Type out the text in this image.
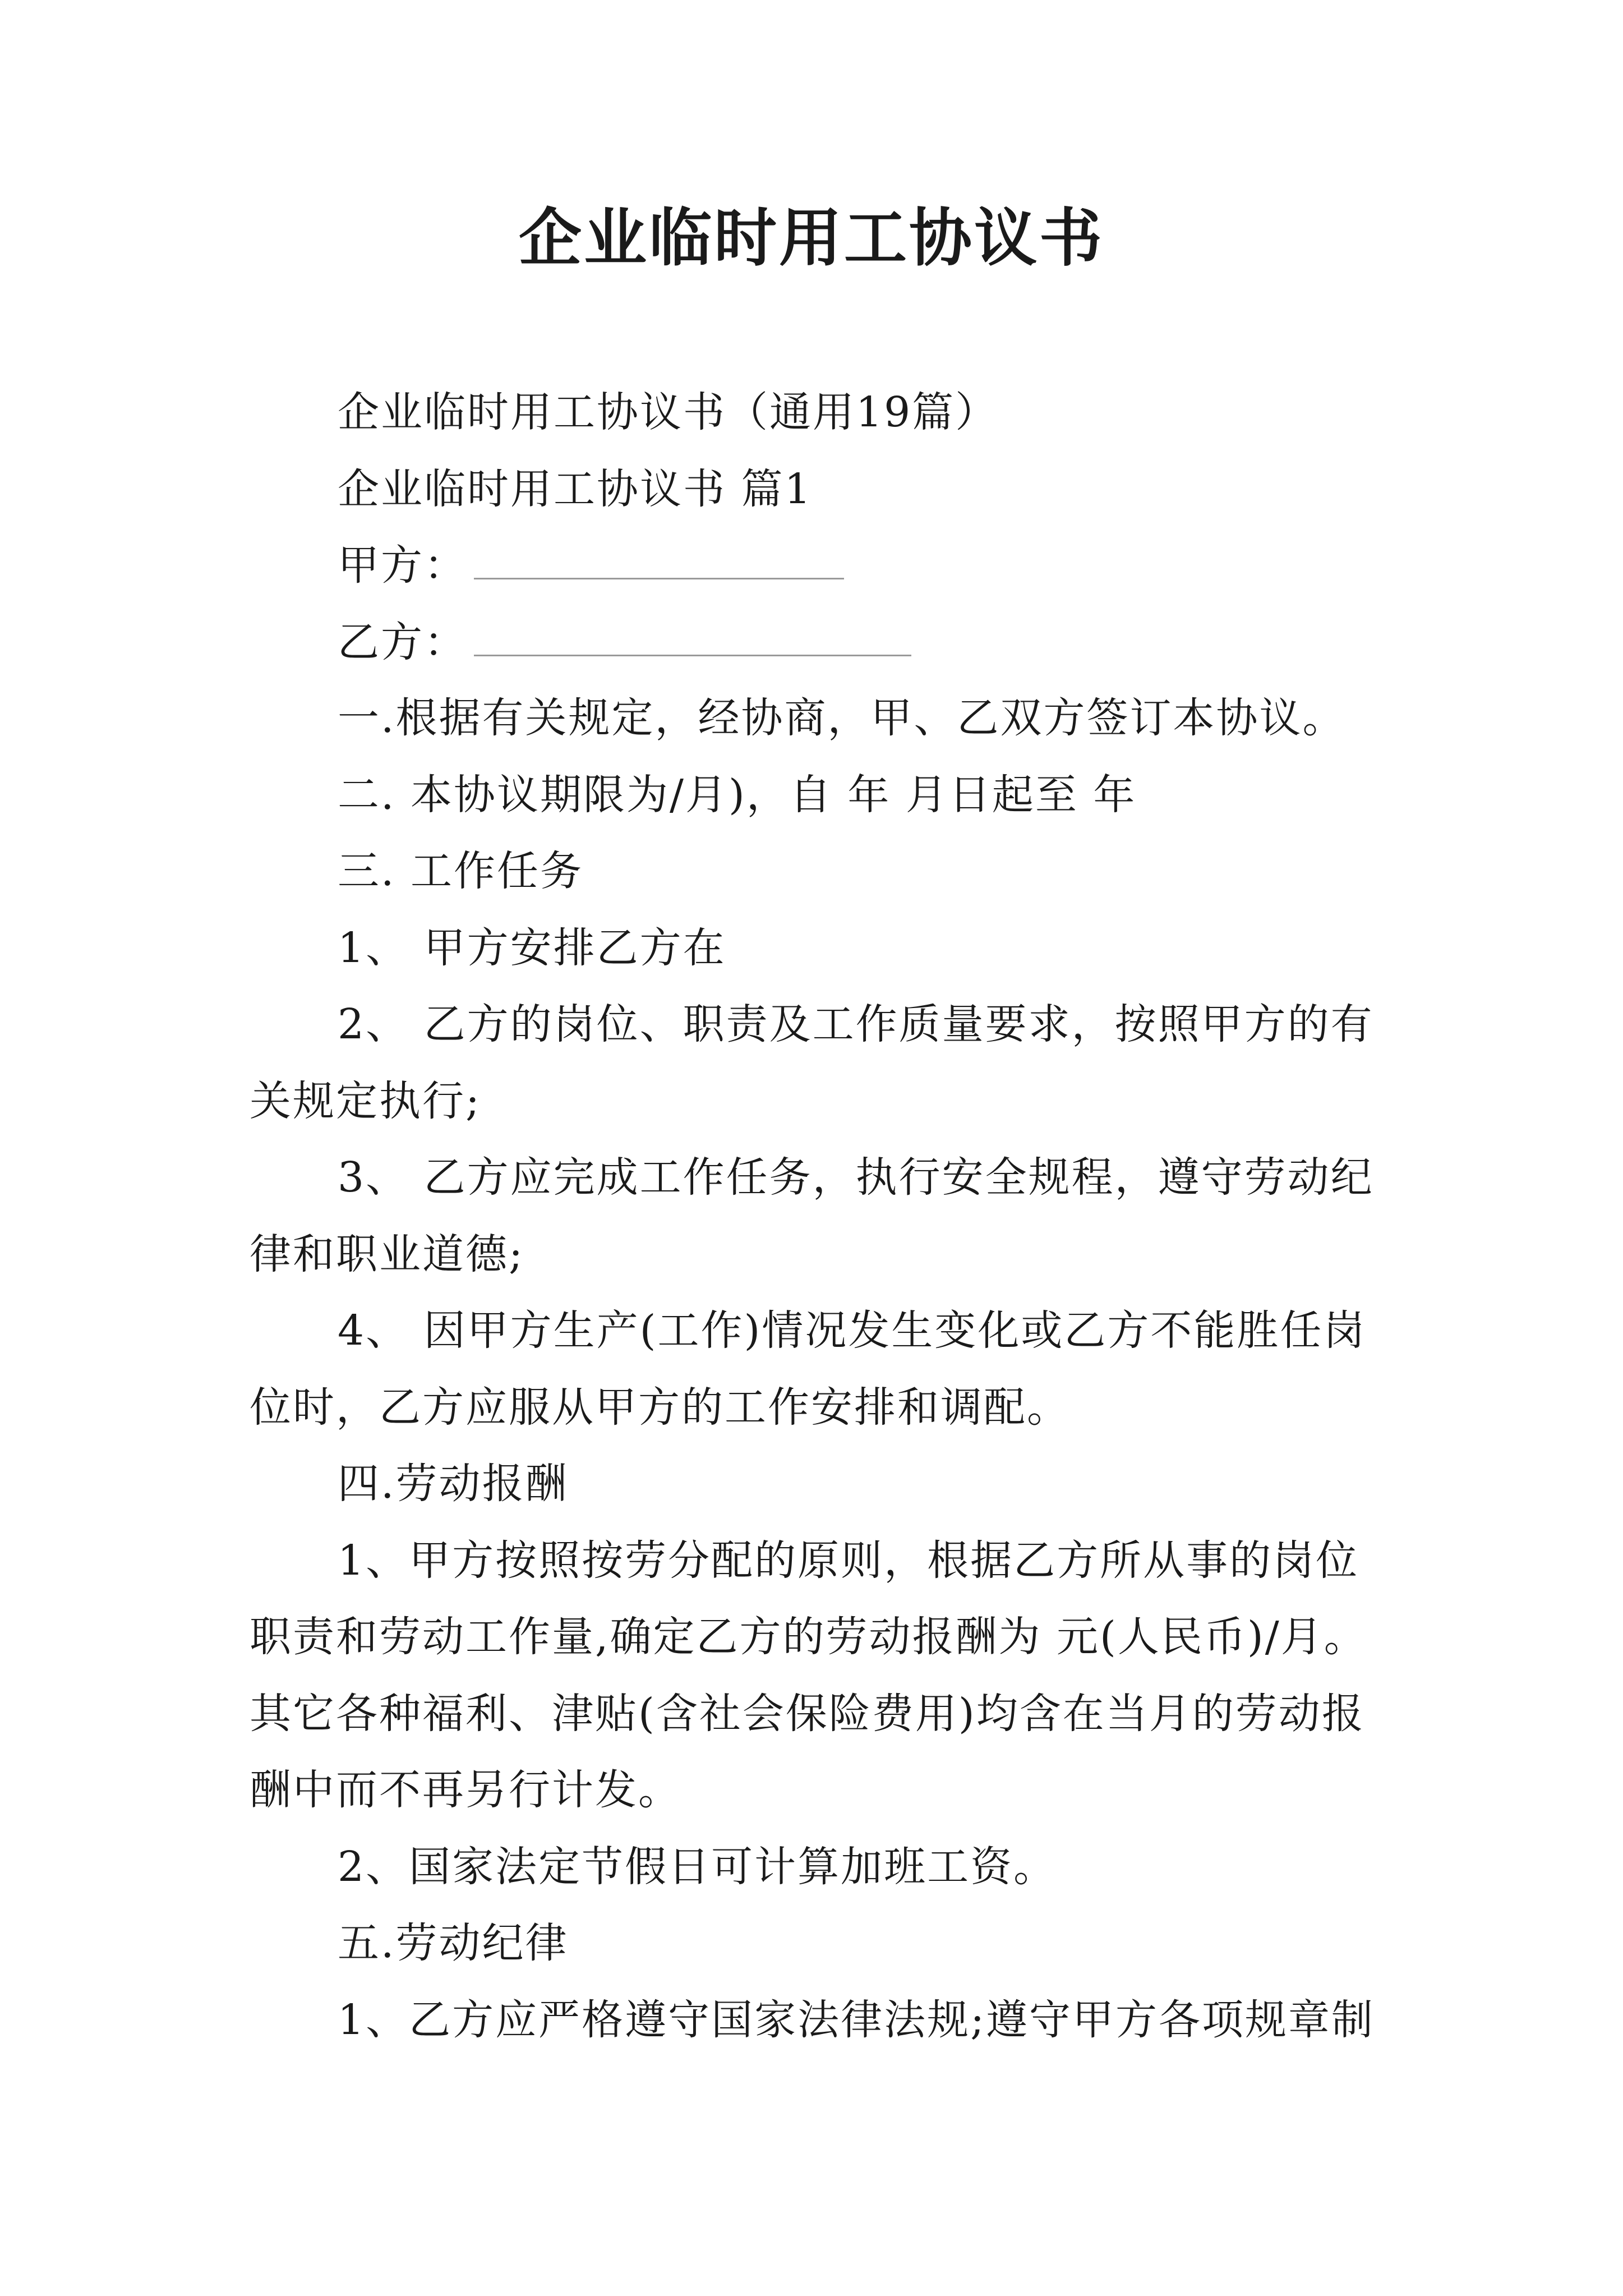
企业临时用工协议书
企业临时用工协议书（通用19篇）
企业临时用工协议书 篇1
甲方：
乙方：
一.根据有关规定，经协商，甲、乙双方签订本协议。
二. 本协议期限为/月)，自 年 月日起至 年
三. 工作任务
1、 甲方安排乙方在
2、 乙方的岗位、职责及工作质量要求，按照甲方的有
关规定执行;
3、 乙方应完成工作任务，执行安全规程，遵守劳动纪
律和职业道德;
4、 因甲方生产(工作)情况发生变化或乙方不能胜任岗
位时，乙方应服从甲方的工作安排和调配。
四.劳动报酬
1、甲方按照按劳分配的原则，根据乙方所从事的岗位
职责和劳动工作量,确定乙方的劳动报酬为 元(人民币)/月。
其它各种福利、津贴(含社会保险费用)均含在当月的劳动报
酬中而不再另行计发。
2、国家法定节假日可计算加班工资。
五.劳动纪律
1、乙方应严格遵守国家法律法规;遵守甲方各项规章制
